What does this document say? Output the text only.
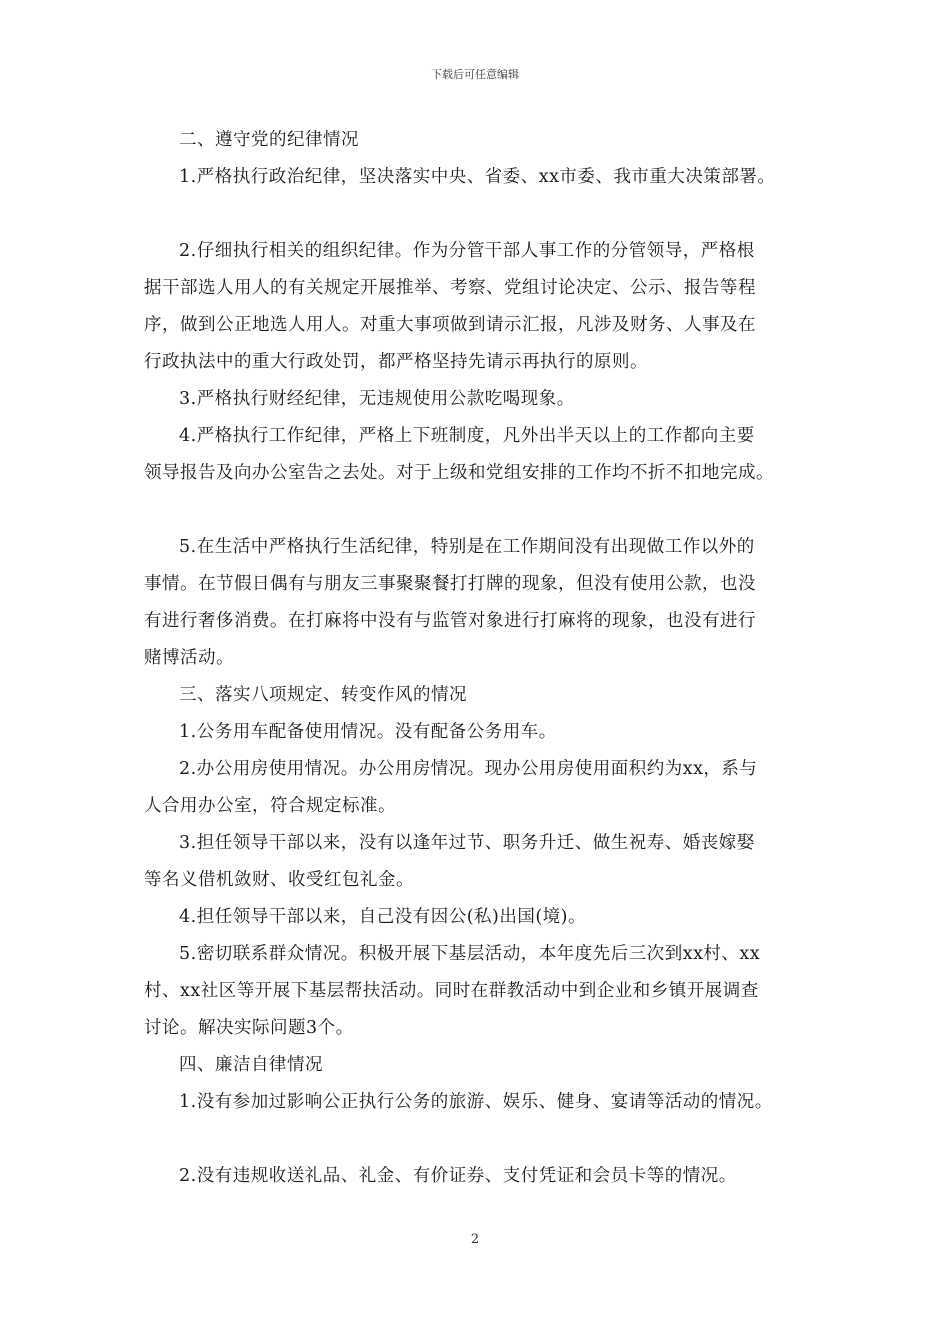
下载后可任意编辑

二、遵守党的纪律情况

1.严格执行政治纪律，坚决落实中央、省委、xx市委、我市重大决策部署。

2.仔细执行相关的组织纪律。作为分管干部人事工作的分管领导，严格根
据干部选人用人的有关规定开展推举、考察、党组讨论决定、公示、报告等程
序，做到公正地选人用人。对重大事项做到请示汇报，凡涉及财务、人事及在
行政执法中的重大行政处罚，都严格坚持先请示再执行的原则。

3.严格执行财经纪律，无违规使用公款吃喝现象。

4.严格执行工作纪律，严格上下班制度，凡外出半天以上的工作都向主要
领导报告及向办公室告之去处。对于上级和党组安排的工作均不折不扣地完成。

5.在生活中严格执行生活纪律，特别是在工作期间没有出现做工作以外的
事情。在节假日偶有与朋友三事聚聚餐打打牌的现象，但没有使用公款，也没
有进行奢侈消费。在打麻将中没有与监管对象进行打麻将的现象，也没有进行
赌博活动。

三、落实八项规定、转变作风的情况

1.公务用车配备使用情况。没有配备公务用车。

2.办公用房使用情况。办公用房情况。现办公用房使用面积约为xx，系与
人合用办公室，符合规定标准。

3.担任领导干部以来，没有以逢年过节、职务升迁、做生祝寿、婚丧嫁娶
等名义借机敛财、收受红包礼金。

4.担任领导干部以来，自己没有因公(私)出国(境)。

5.密切联系群众情况。积极开展下基层活动，本年度先后三次到xx村、xx
村、xx社区等开展下基层帮扶活动。同时在群教活动中到企业和乡镇开展调查
讨论。解决实际问题3个。

四、廉洁自律情况

1.没有参加过影响公正执行公务的旅游、娱乐、健身、宴请等活动的情况。

2.没有违规收送礼品、礼金、有价证券、支付凭证和会员卡等的情况。

2
